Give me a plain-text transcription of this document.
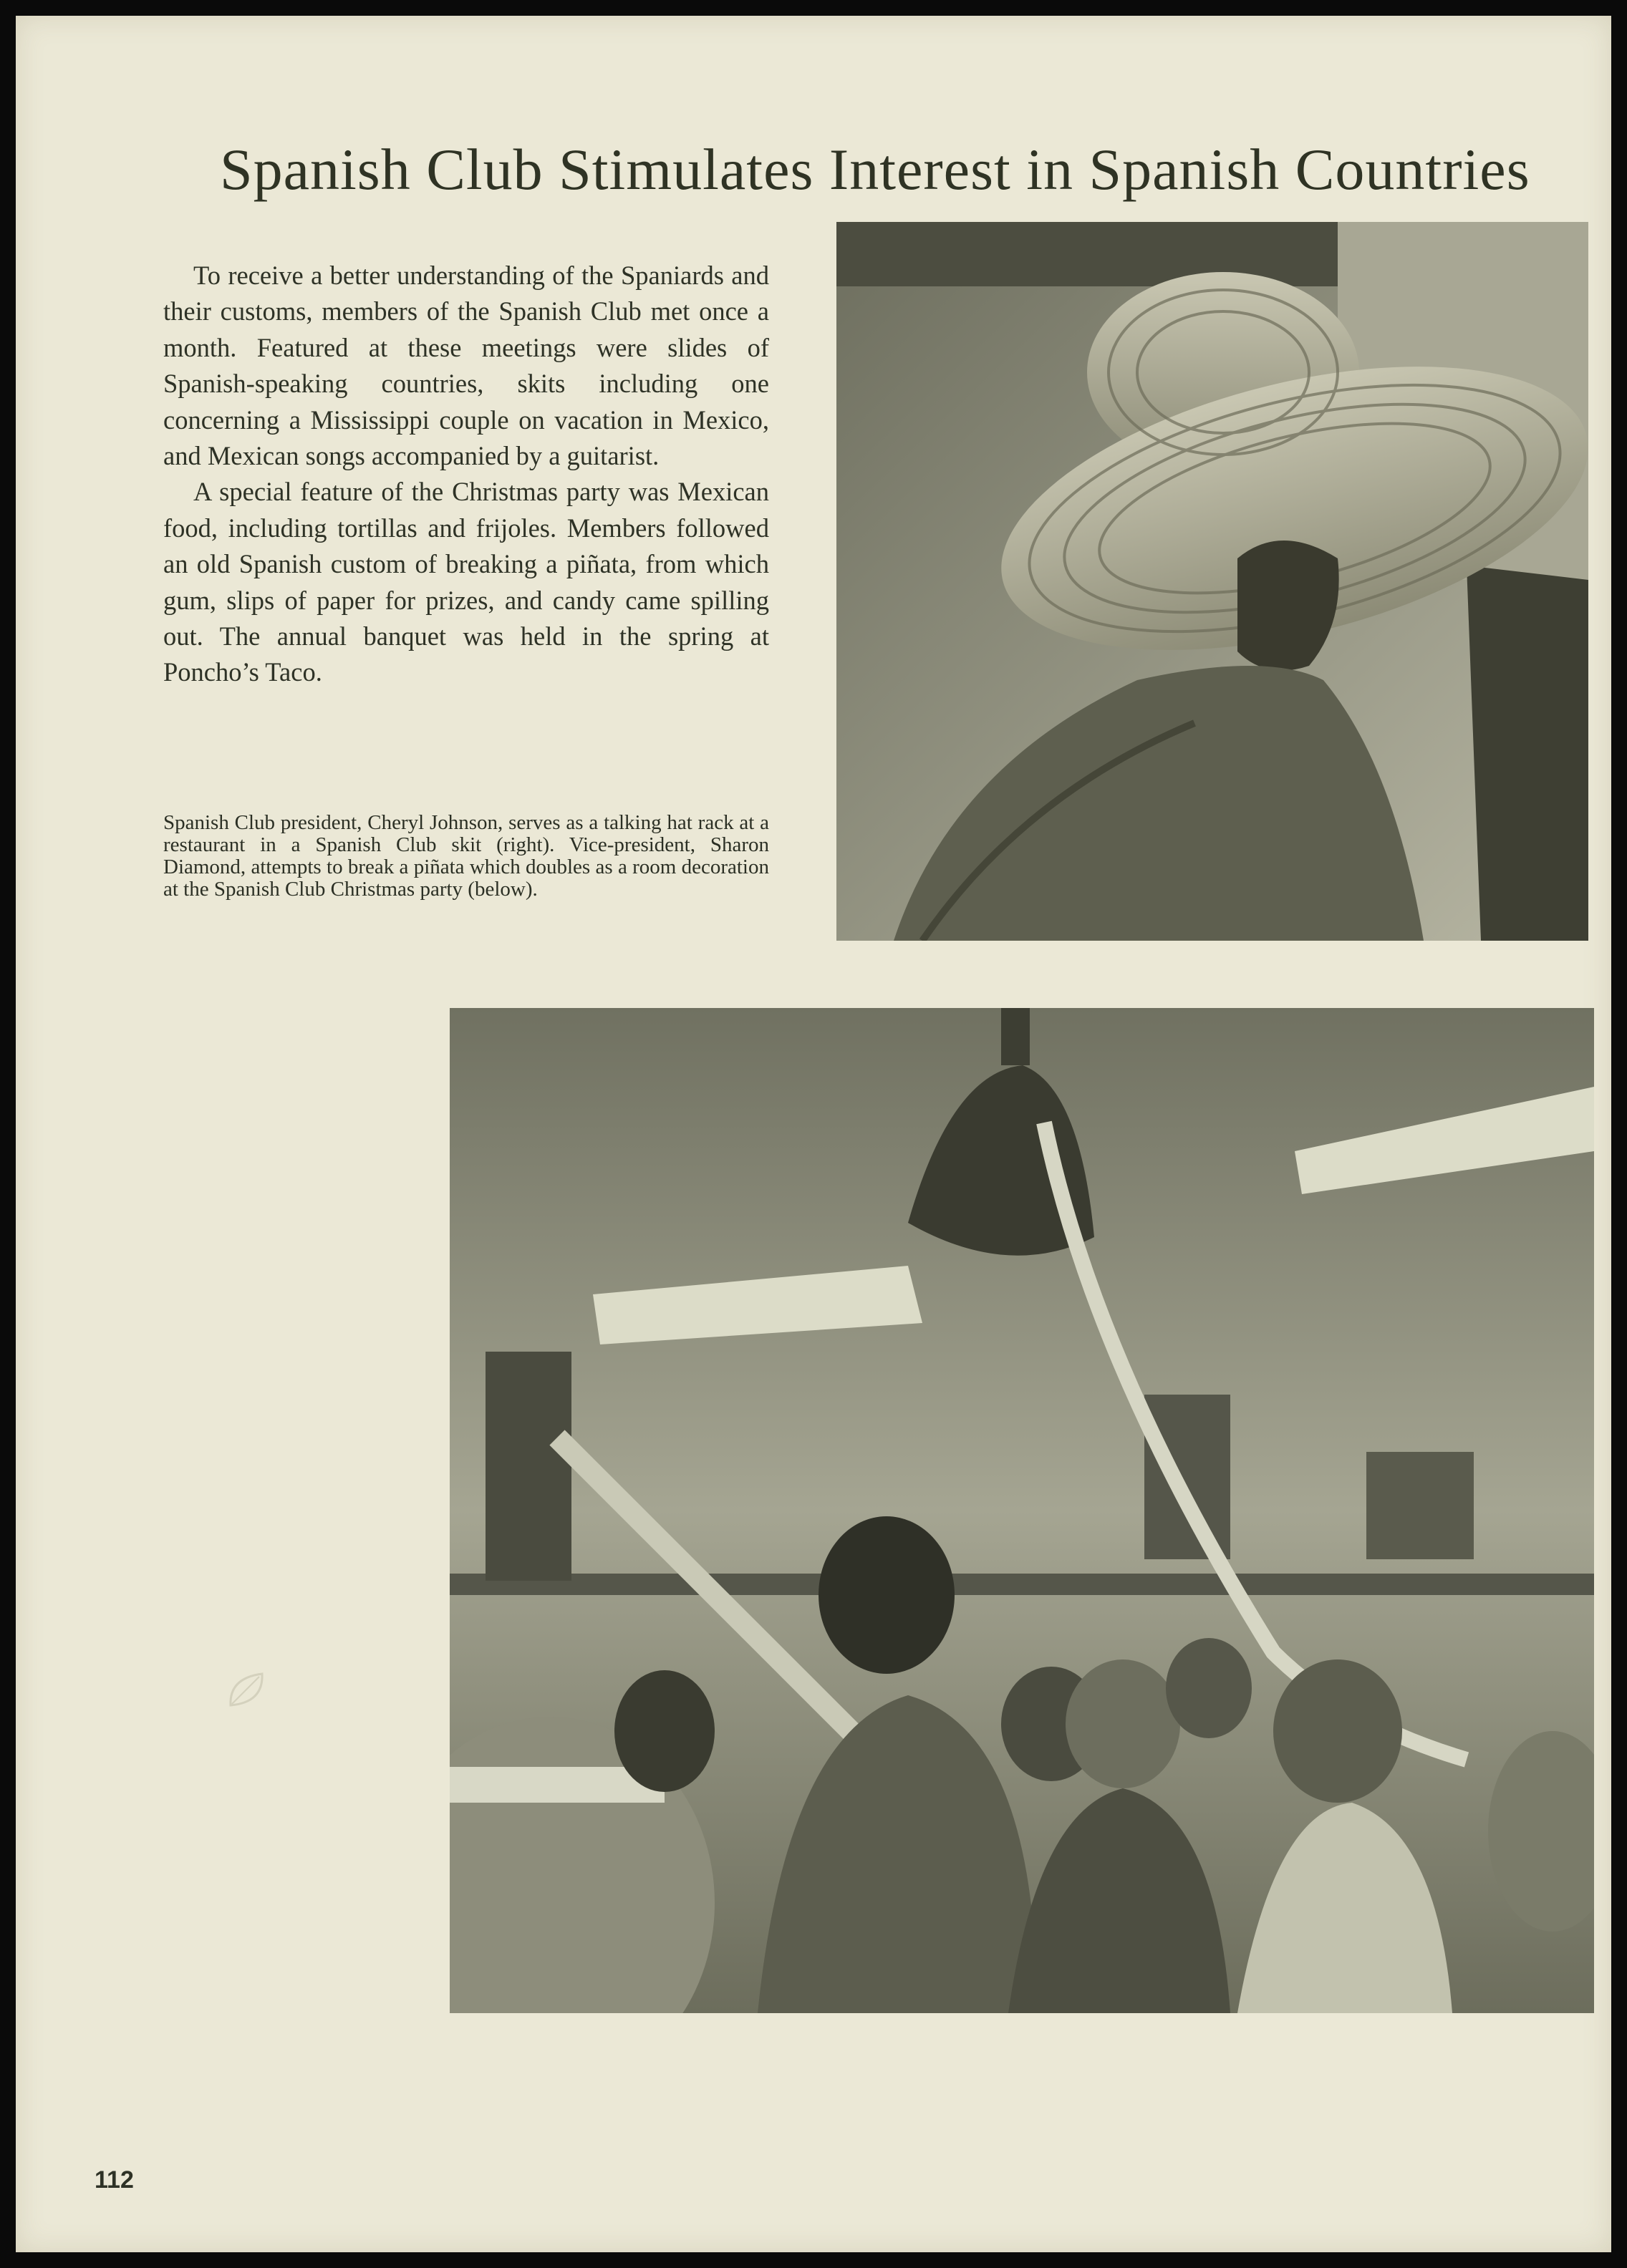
Spanish Club Stimulates Interest in Spanish Countries

To receive a better understanding of the Spaniards and their customs, members of the Spanish Club met once a month. Featured at these meetings were slides of Spanish-speaking countries, skits including one concerning a Mississippi couple on vacation in Mexico, and Mexican songs accompanied by a guitarist.

A special feature of the Christmas party was Mexican food, including tortillas and frijoles. Members followed an old Spanish custom of breaking a piñata, from which gum, slips of paper for prizes, and candy came spilling out. The annual banquet was held in the spring at Poncho’s Taco.

Spanish Club president, Cheryl Johnson, serves as a talking hat rack at a restaurant in a Spanish Club skit (right). Vice-president, Sharon Diamond, attempts to break a piñata which doubles as a room decoration at the Spanish Club Christmas party (below).
112
